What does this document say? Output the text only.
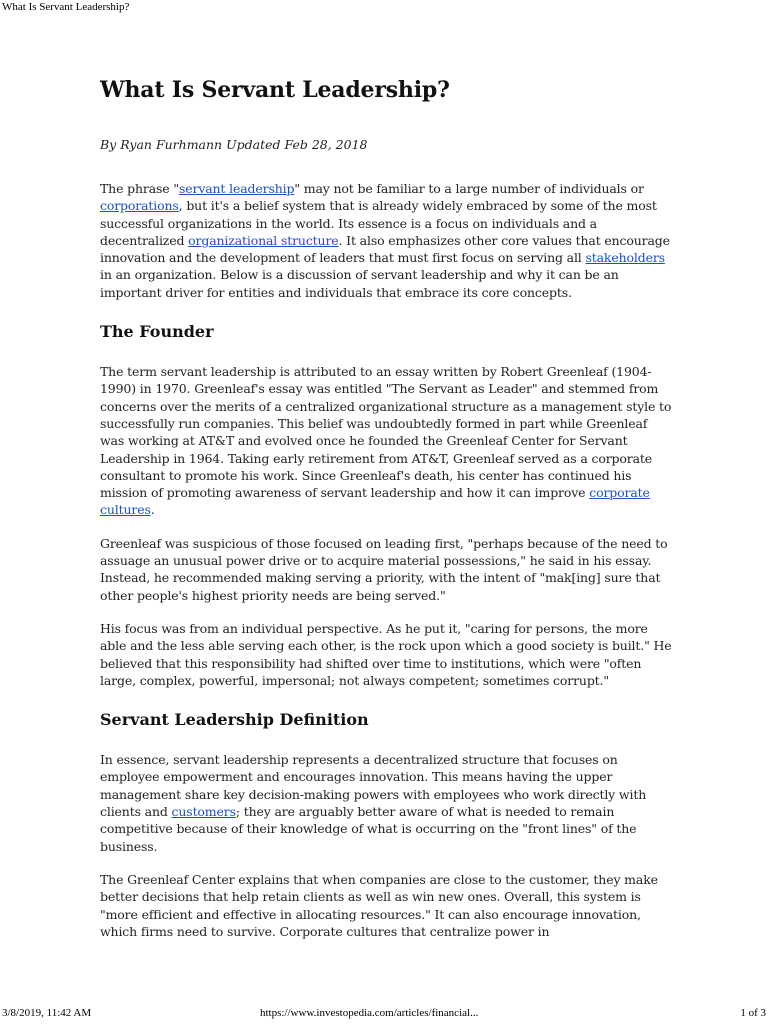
What Is Servant Leadership?
What Is Servant Leadership?
By Ryan Furhmann Updated Feb 28, 2018

The phrase "servant leadership" may not be familiar to a large number of individuals or corporations, but it's a belief system that is already widely embraced by some of the most successful organizations in the world. Its essence is a focus on individuals and a decentralized organizational structure. It also emphasizes other core values that encourage innovation and the development of leaders that must first focus on serving all stakeholders in an organization. Below is a discussion of servant leadership and why it can be an important driver for entities and individuals that embrace its core concepts.

The Founder

The term servant leadership is attributed to an essay written by Robert Greenleaf (1904-1990) in 1970. Greenleaf's essay was entitled "The Servant as Leader" and stemmed from concerns over the merits of a centralized organizational structure as a management style to successfully run companies. This belief was undoubtedly formed in part while Greenleaf was working at AT&T and evolved once he founded the Greenleaf Center for Servant Leadership in 1964. Taking early retirement from AT&T, Greenleaf served as a corporate consultant to promote his work. Since Greenleaf's death, his center has continued his mission of promoting awareness of servant leadership and how it can improve corporate cultures.

Greenleaf was suspicious of those focused on leading first, "perhaps because of the need to assuage an unusual power drive or to acquire material possessions," he said in his essay. Instead, he recommended making serving a priority, with the intent of "mak[ing] sure that other people's highest priority needs are being served."

His focus was from an individual perspective. As he put it, "caring for persons, the more able and the less able serving each other, is the rock upon which a good society is built." He believed that this responsibility had shifted over time to institutions, which were "often large, complex, powerful, impersonal; not always competent; sometimes corrupt."

Servant Leadership Definition

In essence, servant leadership represents a decentralized structure that focuses on employee empowerment and encourages innovation. This means having the upper management share key decision-making powers with employees who work directly with clients and customers; they are arguably better aware of what is needed to remain competitive because of their knowledge of what is occurring on the "front lines" of the business.

The Greenleaf Center explains that when companies are close to the customer, they make better decisions that help retain clients as well as win new ones. Overall, this system is "more efficient and effective in allocating resources." It can also encourage innovation, which firms need to survive. Corporate cultures that centralize power in

3/8/2019, 11:42 AM	https://www.investopedia.com/articles/financial...	1 of 3
